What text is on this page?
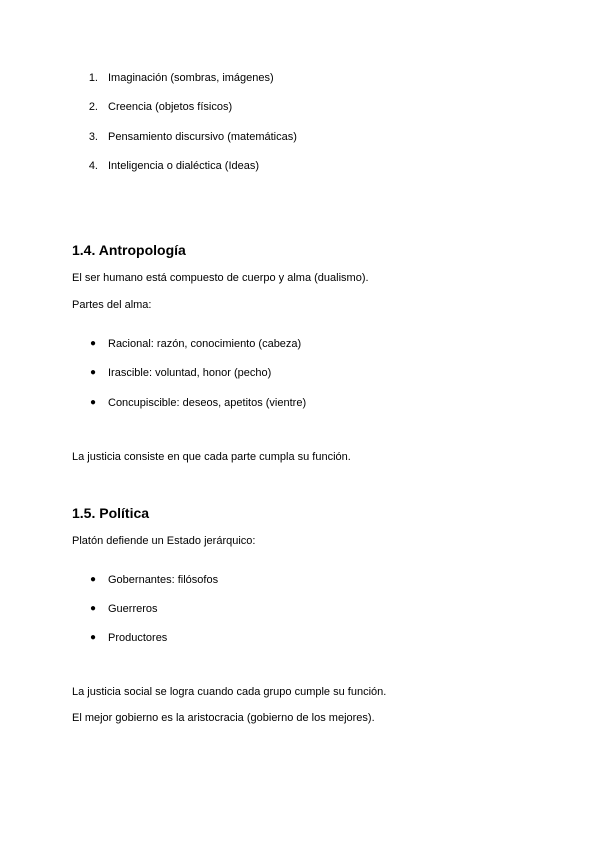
1. Imaginación (sombras, imágenes)
2. Creencia (objetos físicos)
3. Pensamiento discursivo (matemáticas)
4. Inteligencia o dialéctica (Ideas)
1.4. Antropología
El ser humano está compuesto de cuerpo y alma (dualismo).
Partes del alma:
● Racional: razón, conocimiento (cabeza)
● Irascible: voluntad, honor (pecho)
● Concupiscible: deseos, apetitos (vientre)
La justicia consiste en que cada parte cumpla su función.
1.5. Política
Platón defiende un Estado jerárquico:
● Gobernantes: filósofos
● Guerreros
● Productores
La justicia social se logra cuando cada grupo cumple su función.
El mejor gobierno es la aristocracia (gobierno de los mejores).
